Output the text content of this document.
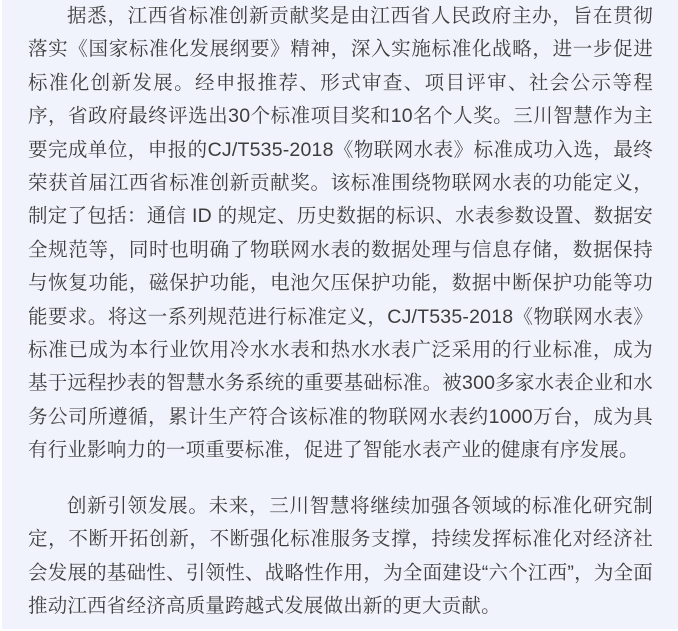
据悉，江西省标准创新贡献奖是由江西省人民政府主办，旨在贯彻落实《国家标准化发展纲要》精神，深入实施标准化战略，进一步促进标准化创新发展。经申报推荐、形式审查、项目评审、社会公示等程序，省政府最终评选出30个标准项目奖和10名个人奖。三川智慧作为主要完成单位，申报的CJ/T535-2018《物联网水表》标准成功入选，最终荣获首届江西省标准创新贡献奖。该标准围绕物联网水表的功能定义，制定了包括：通信 ID 的规定、历史数据的标识、水表参数设置、数据安全规范等，同时也明确了物联网水表的数据处理与信息存储，数据保持与恢复功能，磁保护功能，电池欠压保护功能，数据中断保护功能等功能要求。将这一系列规范进行标准定义，CJ/T535-2018《物联网水表》标准已成为本行业饮用冷水水表和热水水表广泛采用的行业标准，成为基于远程抄表的智慧水务系统的重要基础标准。被300多家水表企业和水务公司所遵循，累计生产符合该标准的物联网水表约1000万台，成为具有行业影响力的一项重要标准，促进了智能水表产业的健康有序发展。

创新引领发展。未来，三川智慧将继续加强各领域的标准化研究制定，不断开拓创新，不断强化标准服务支撑，持续发挥标准化对经济社会发展的基础性、引领性、战略性作用，为全面建设“六个江西”，为全面推动江西省经济高质量跨越式发展做出新的更大贡献。
